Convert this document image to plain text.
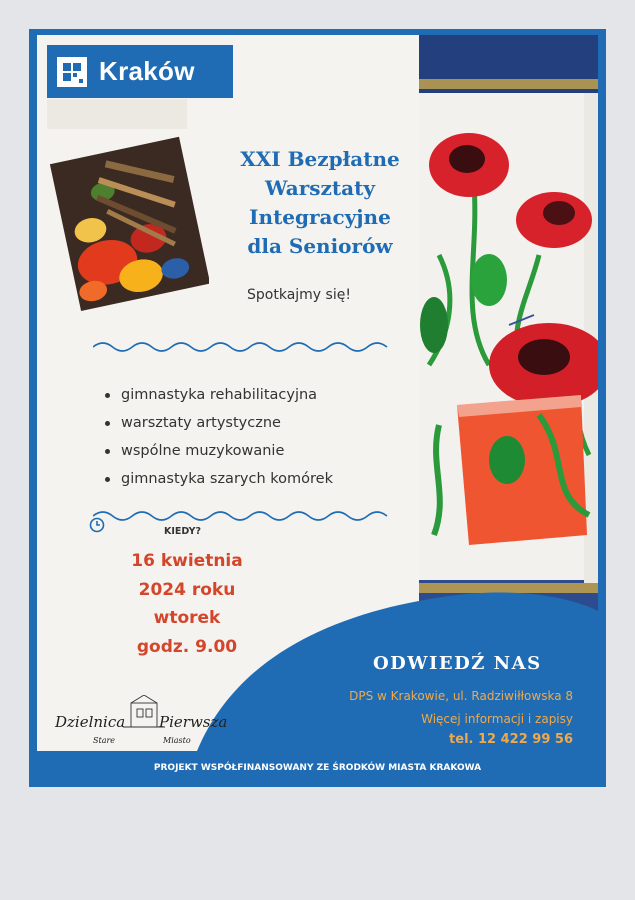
Kraków
XXI Bezpłatne
Warsztaty
Integracyjne
dla Seniorów
Spotkajmy się!
gimnastyka rehabilitacyjna
warsztaty artystyczne
wspólne muzykowanie
gimnastyka szarych komórek
KIEDY?
16 kwietnia
2024 roku
wtorek
godz. 9.00
ODWIEDŹ NAS
DPS w Krakowie, ul. Radziwiłłowska 8
Więcej informacji i zapisy
tel. 12 422 99 56
Dzielnica Pierwsza
Stare	Miasto
PROJEKT WSPÓŁFINANSOWANY ZE ŚRODKÓW MIASTA KRAKOWA
